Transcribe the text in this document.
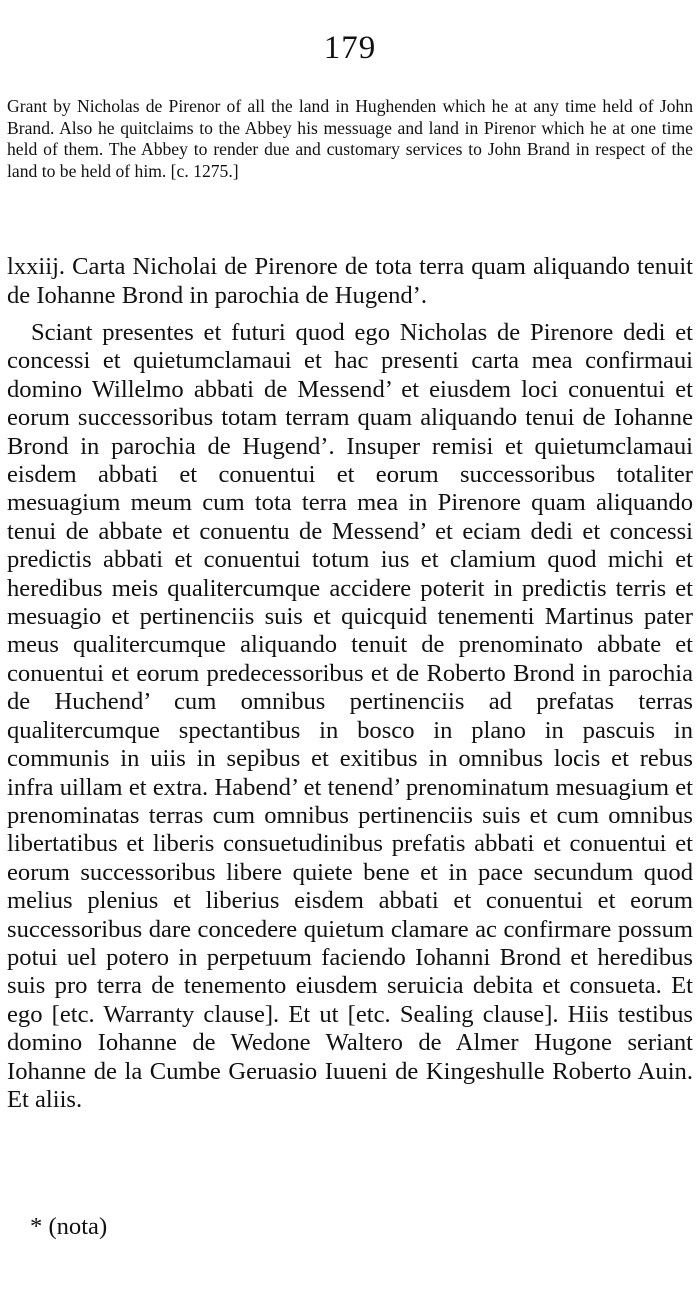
179

Grant by Nicholas de Pirenor of all the land in Hughenden which he at any time held of John Brand. Also he quitclaims to the Abbey his messuage and land in Pirenor which he at one time held of them. The Abbey to render due and customary services to John Brand in respect of the land to be held of him. [c. 1275.]

lxxiij. Carta Nicholai de Pirenore de tota terra quam aliquando tenuit de Iohanne Brond in parochia de Hugend’.

Sciant presentes et futuri quod ego Nicholas de Pirenore dedi et concessi et quietumclamaui et hac presenti carta mea confirmaui domino Willelmo abbati de Messend’ et eiusdem loci conuentui et eorum successoribus totam terram quam aliquando tenui de Iohanne Brond in parochia de Hugend’. Insuper remisi et quietumclamaui eisdem abbati et conuentui et eorum successoribus totaliter mesuagium meum cum tota terra mea in Pirenore quam aliquando tenui de abbate et conuentu de Messend’ et eciam dedi et concessi predictis abbati et conuentui totum ius et clamium quod michi et heredibus meis qualitercumque accidere poterit in predictis terris et mesuagio et pertinenciis suis et quicquid tenementi Martinus pater meus qualitercumque aliquando tenuit de prenominato abbate et conuentui et eorum predecessoribus et de Roberto Brond in parochia de Huchend’ cum omnibus pertinenciis ad prefatas terras qualitercumque spectantibus in bosco in plano in pascuis in communis in uiis in sepibus et exitibus in omnibus locis et rebus infra uillam et extra. Habend’ et tenend’ prenominatum mesuagium et prenominatas terras cum omnibus pertinenciis suis et cum omnibus libertatibus et liberis consuetudinibus prefatis abbati et conuentui et eorum successoribus libere quiete bene et in pace secundum quod melius plenius et liberius eisdem abbati et conuentui et eorum successoribus dare concedere quietum clamare ac confirmare possum potui uel potero in perpetuum faciendo Iohanni Brond et heredibus suis pro terra de tenemento eiusdem seruicia debita et consueta. Et ego [etc. Warranty clause]. Et ut [etc. Sealing clause]. Hiis testibus domino Iohanne de Wedone Waltero de Almer Hugone seriant Iohanne de la Cumbe Geruasio Iuueni de Kingeshulle Roberto Auin. Et aliis.

* (nota)
